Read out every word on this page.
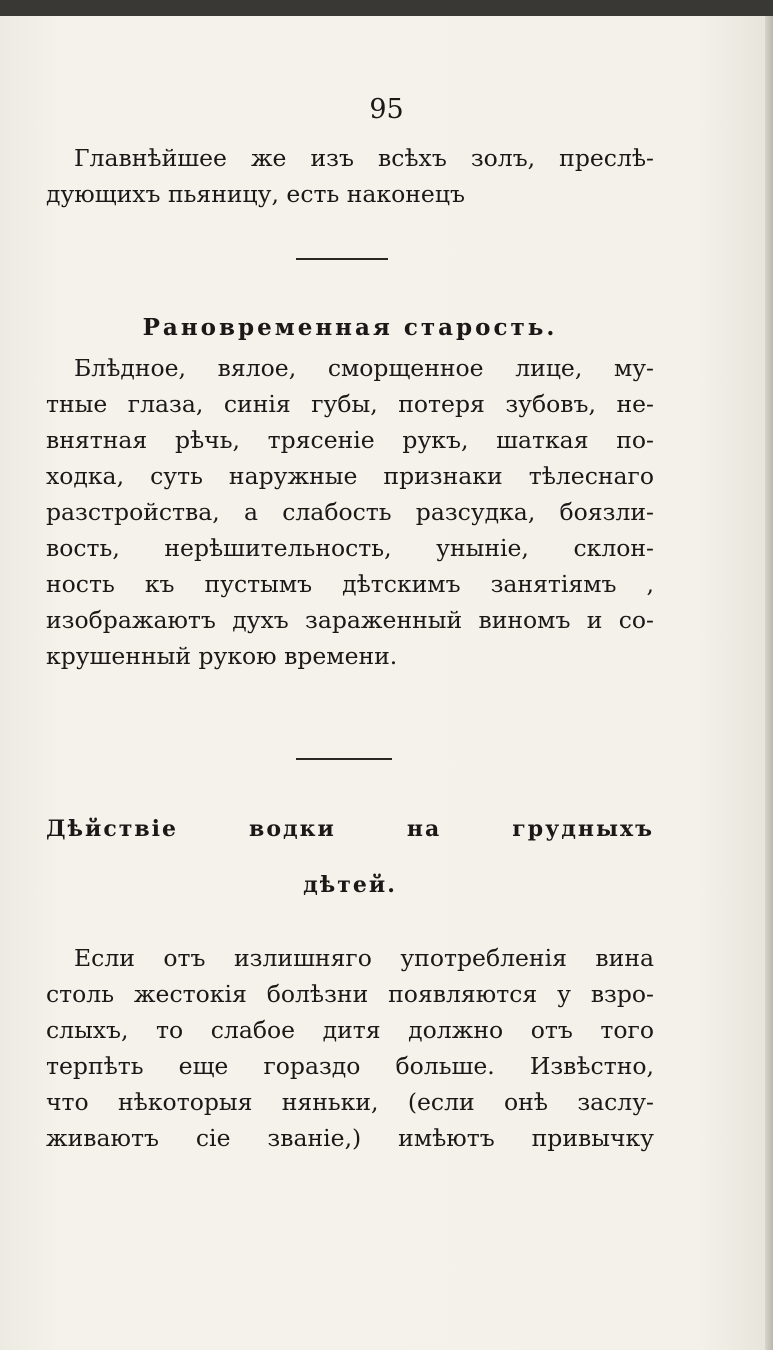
95
Главнѣйшее же изъ всѣхъ золъ, преслѣ-
дующихъ пьяницу, есть наконецъ
Рановременная старость.
Блѣдное, вялое, сморщенное лице, му-
тные глаза, синія губы, потеря зубовъ, не-
внятная рѣчь, трясеніе рукъ, шаткая по-
ходка, суть наружные признаки тѣлеснаго
разстройства, а слабость разсудка, боязли-
вость, нерѣшительность, уныніе, склон-
ность къ пустымъ дѣтскимъ занятіямъ ,
изображаютъ духъ зараженный виномъ и со-
крушенный рукою времени.
Дѣйствіе водки на грудныхъ
дѣтей.
Если отъ излишняго употребленія вина
столь жестокія болѣзни появляются у взро-
слыхъ, то слабое дитя должно отъ того
терпѣть еще гораздо больше. Извѣстно,
что нѣкоторыя няньки, (если онѣ заслу-
живаютъ сіе званіе,) имѣютъ привычку
